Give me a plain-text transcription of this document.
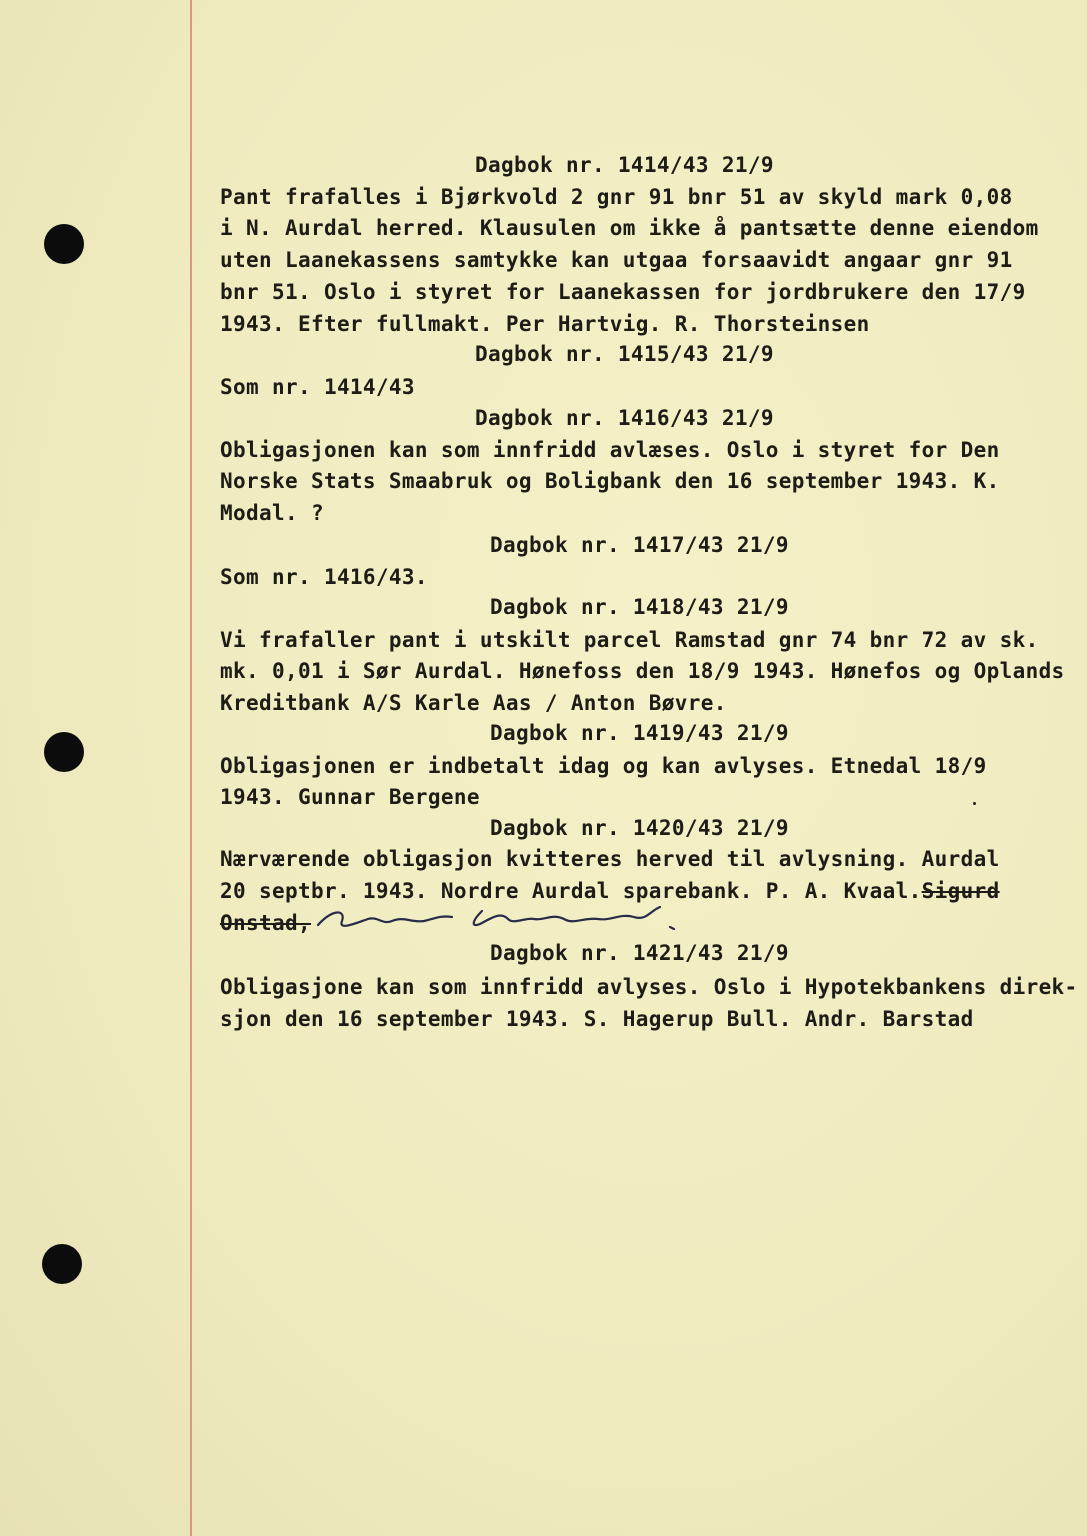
Dagbok nr. 1414/43 21/9
Pant frafalles i Bjørkvold 2 gnr 91 bnr 51 av skyld mark 0,08
i N. Aurdal herred. Klausulen om ikke å pantsætte denne eiendom
uten Laanekassens samtykke kan utgaa forsaavidt angaar gnr 91
bnr 51. Oslo i styret for Laanekassen for jordbrukere den 17/9
1943. Efter fullmakt. Per Hartvig. R. Thorsteinsen
Dagbok nr. 1415/43 21/9
Som nr. 1414/43
Dagbok nr. 1416/43 21/9
Obligasjonen kan som innfridd avlæses. Oslo i styret for Den
Norske Stats Smaabruk og Boligbank den 16 september 1943. K.
Modal. ?
Dagbok nr. 1417/43 21/9
Som nr. 1416/43.
Dagbok nr. 1418/43 21/9
Vi frafaller pant i utskilt parcel Ramstad gnr 74 bnr 72 av sk.
mk. 0,01 i Sør Aurdal. Hønefoss den 18/9 1943. Hønefos og Oplands
Kreditbank A/S Karle Aas / Anton Bøvre.
Dagbok nr. 1419/43 21/9
Obligasjonen er indbetalt idag og kan avlyses. Etnedal 18/9
1943. Gunnar Bergene
Dagbok nr. 1420/43 21/9
Nærværende obligasjon kvitteres herved til avlysning. Aurdal
20 septbr. 1943. Nordre Aurdal sparebank. P. A. Kvaal.Sigurd
Onstad,
Dagbok nr. 1421/43 21/9
Obligasjone kan som innfridd avlyses. Oslo i Hypotekbankens direk-
sjon den 16 september 1943. S. Hagerup Bull. Andr. Barstad
